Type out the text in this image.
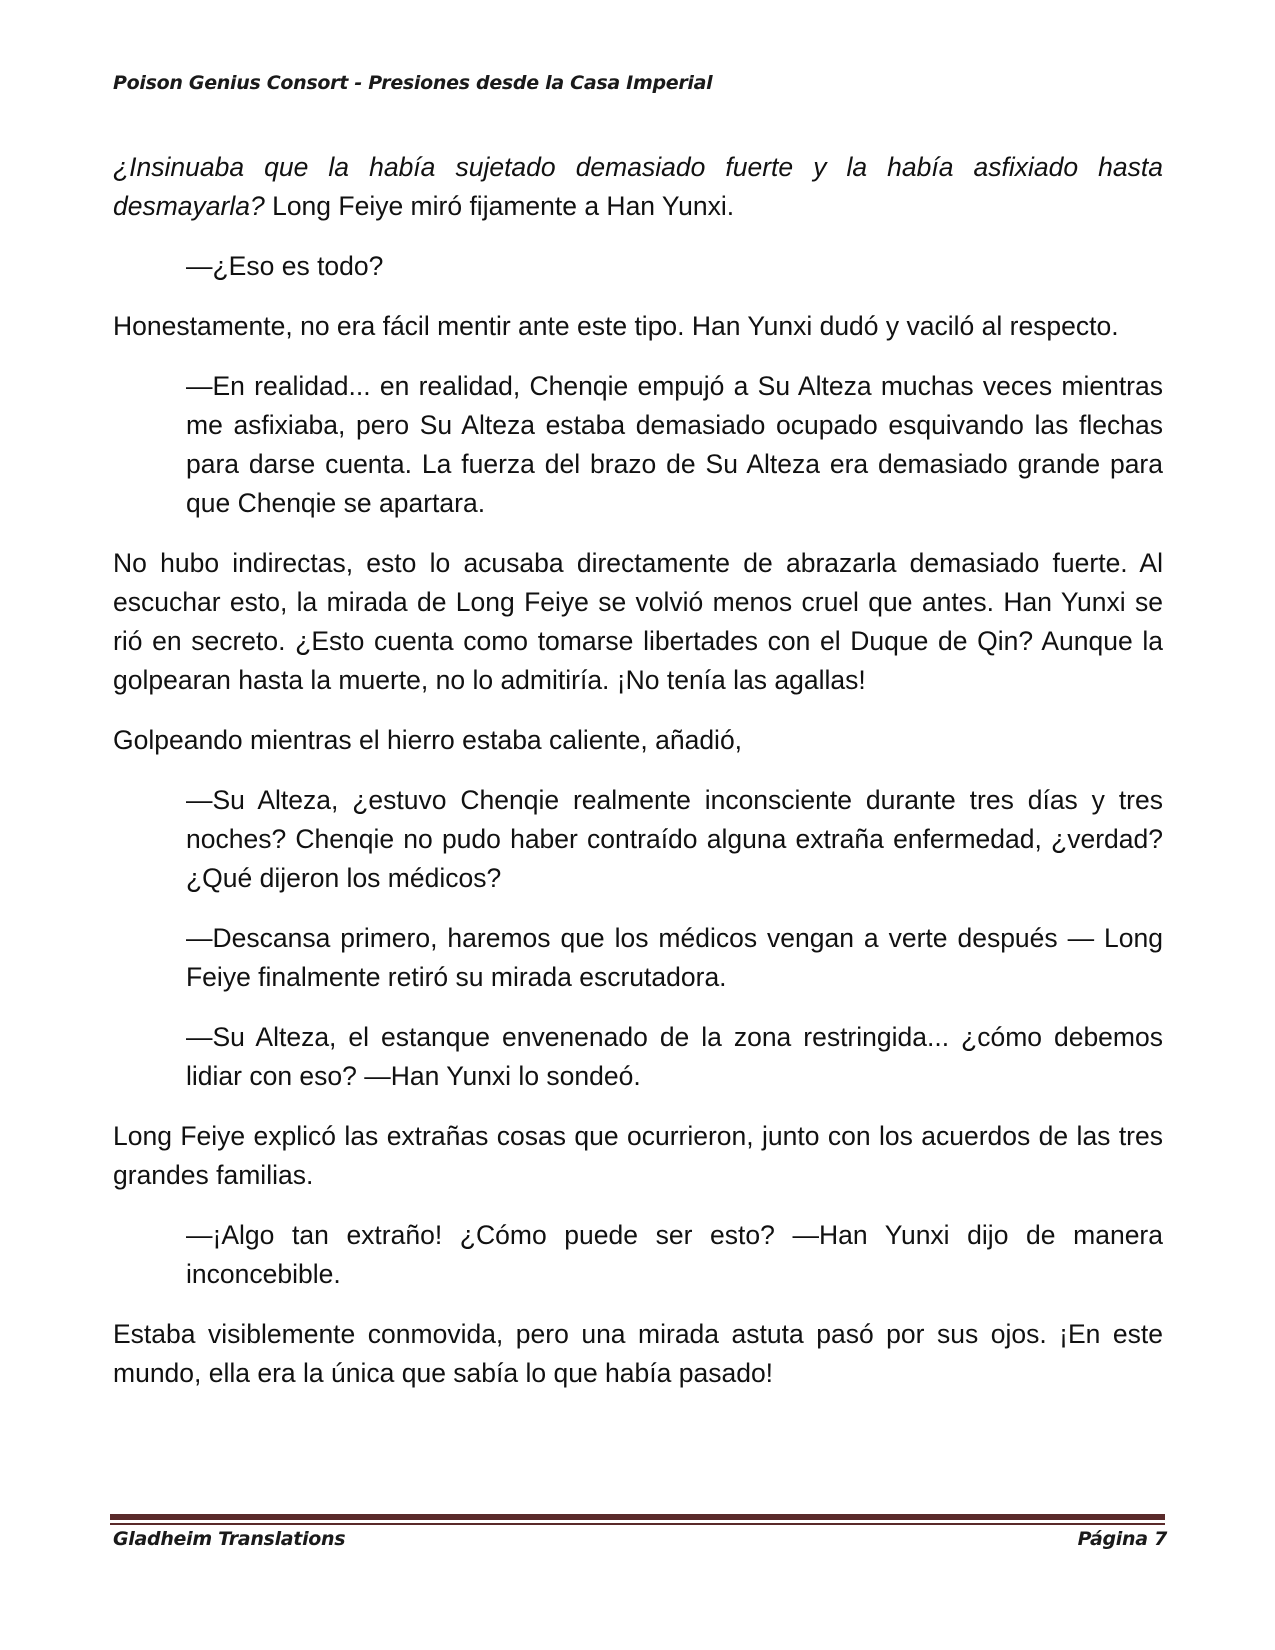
Poison Genius Consort - Presiones desde la Casa Imperial

¿Insinuaba que la había sujetado demasiado fuerte y la había asfixiado hasta desmayarla? Long Feiye miró fijamente a Han Yunxi.

—¿Eso es todo?

Honestamente, no era fácil mentir ante este tipo. Han Yunxi dudó y vaciló al respecto.

—En realidad... en realidad, Chenqie empujó a Su Alteza muchas veces mientras me asfixiaba, pero Su Alteza estaba demasiado ocupado esquivando las flechas para darse cuenta. La fuerza del brazo de Su Alteza era demasiado grande para que Chenqie se apartara.

No hubo indirectas, esto lo acusaba directamente de abrazarla demasiado fuerte. Al escuchar esto, la mirada de Long Feiye se volvió menos cruel que antes. Han Yunxi se rió en secreto. ¿Esto cuenta como tomarse libertades con el Duque de Qin? Aunque la golpearan hasta la muerte, no lo admitiría. ¡No tenía las agallas!

Golpeando mientras el hierro estaba caliente, añadió,

—Su Alteza, ¿estuvo Chenqie realmente inconsciente durante tres días y tres noches? Chenqie no pudo haber contraído alguna extraña enfermedad, ¿verdad? ¿Qué dijeron los médicos?

—Descansa primero, haremos que los médicos vengan a verte después — Long Feiye finalmente retiró su mirada escrutadora.

—Su Alteza, el estanque envenenado de la zona restringida... ¿cómo debemos lidiar con eso? —Han Yunxi lo sondeó.

Long Feiye explicó las extrañas cosas que ocurrieron, junto con los acuerdos de las tres grandes familias.

—¡Algo tan extraño! ¿Cómo puede ser esto? —Han Yunxi dijo de manera inconcebible.

Estaba visiblemente conmovida, pero una mirada astuta pasó por sus ojos. ¡En este mundo, ella era la única que sabía lo que había pasado!

Gladheim Translations	Página 7
